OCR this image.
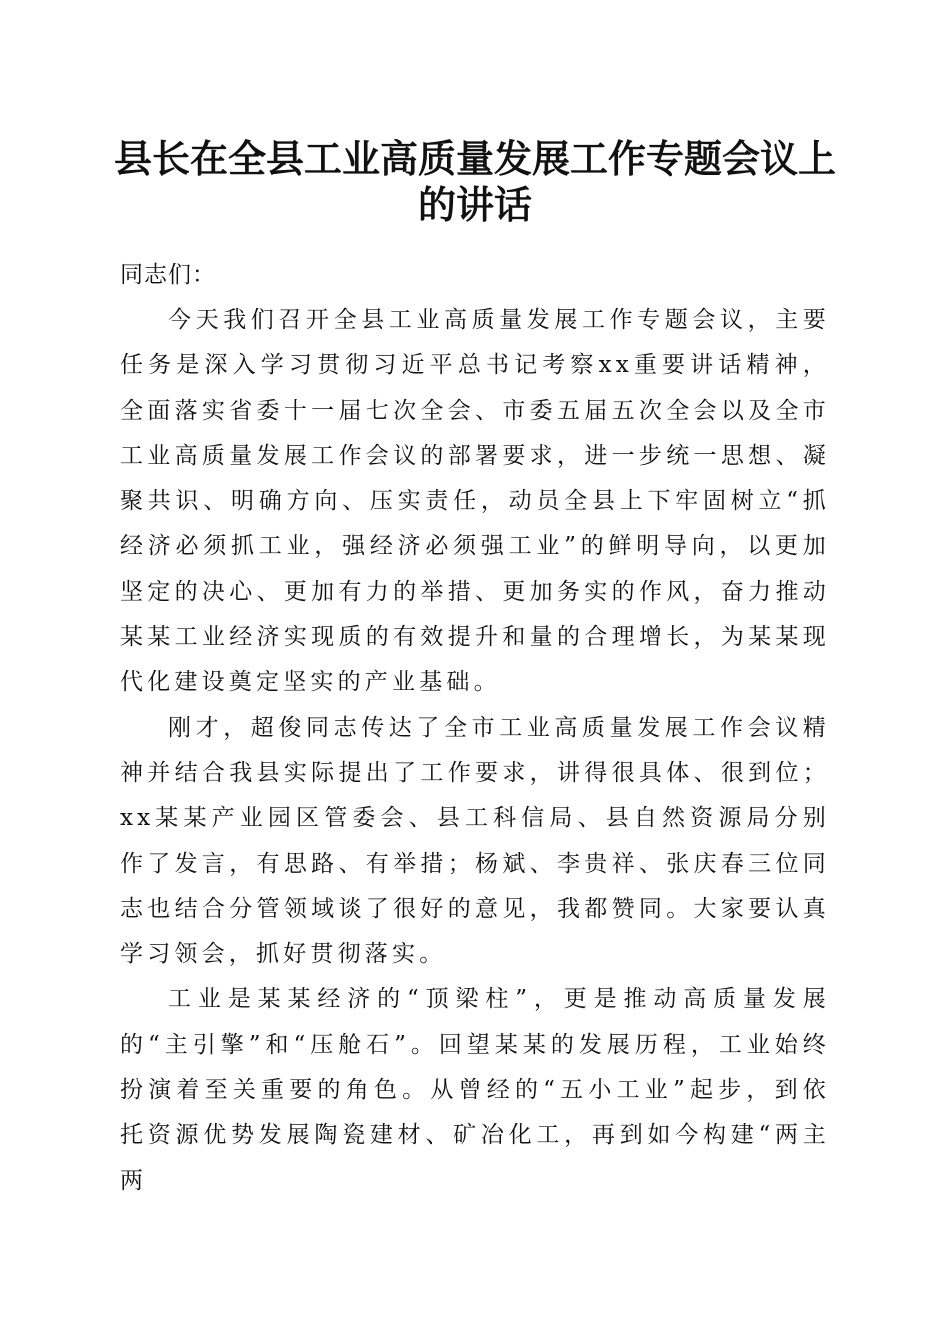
县长在全县工业高质量发展工作专题会议上的讲话

同志们：

今天我们召开全县工业高质量发展工作专题会议，主要任务是深入学习贯彻习近平总书记考察xx重要讲话精神，全面落实省委十一届七次全会、市委五届五次全会以及全市工业高质量发展工作会议的部署要求，进一步统一思想、凝聚共识、明确方向、压实责任，动员全县上下牢固树立“抓经济必须抓工业，强经济必须强工业”的鲜明导向，以更加坚定的决心、更加有力的举措、更加务实的作风，奋力推动某某工业经济实现质的有效提升和量的合理增长，为某某现代化建设奠定坚实的产业基础。

刚才，超俊同志传达了全市工业高质量发展工作会议精神并结合我县实际提出了工作要求，讲得很具体、很到位；xx某某产业园区管委会、县工科信局、县自然资源局分别作了发言，有思路、有举措；杨斌、李贵祥、张庆春三位同志也结合分管领域谈了很好的意见，我都赞同。大家要认真学习领会，抓好贯彻落实。

工业是某某经济的“顶梁柱”，更是推动高质量发展的“主引擎”和“压舱石”。回望某某的发展历程，工业始终扮演着至关重要的角色。从曾经的“五小工业”起步，到依托资源优势发展陶瓷建材、矿冶化工，再到如今构建“两主两
